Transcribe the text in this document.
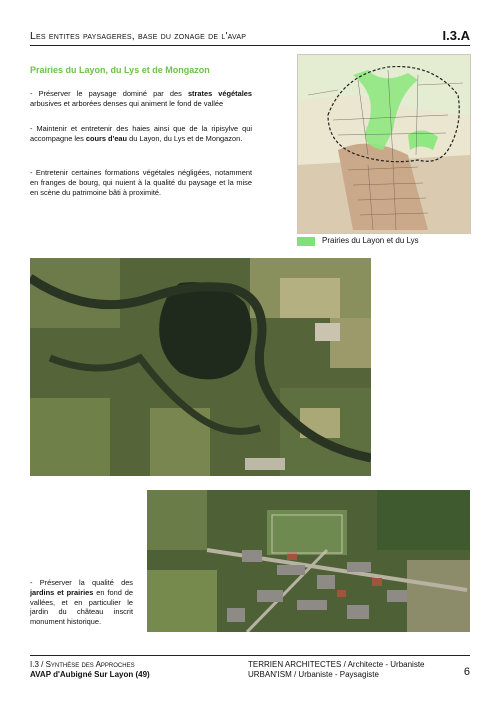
Les entites paysageres, base du zonage de l'avap	I.3.A
Prairies du Layon, du Lys et de Mongazon
- Préserver le paysage dominé par des strates végétales arbusives et arborées denses qui animent le fond de vallée
- Maintenir et entretenir des haies ainsi que de la ripisylve qui accompagne les cours d'eau du Layon, du Lys et de Mongazon.
- Entretenir certaines formations végétales négligées, notamment en franges de bourg, qui nuient à la qualité du paysage et la mise en scène du patrimoine bâti à proximité.
Prairies du Layon et du Lys
- Préserver la qualité des jardins et prairies en fond de vallées, et en particulier le jardin du château inscrit monument historique.
I.3 / Synthèse des Approches
AVAP d'Aubigné Sur Layon (49)
TERRIEN ARCHITECTES / Architecte - Urbaniste
URBAN'ISM / Urbaniste - Paysagiste	6
